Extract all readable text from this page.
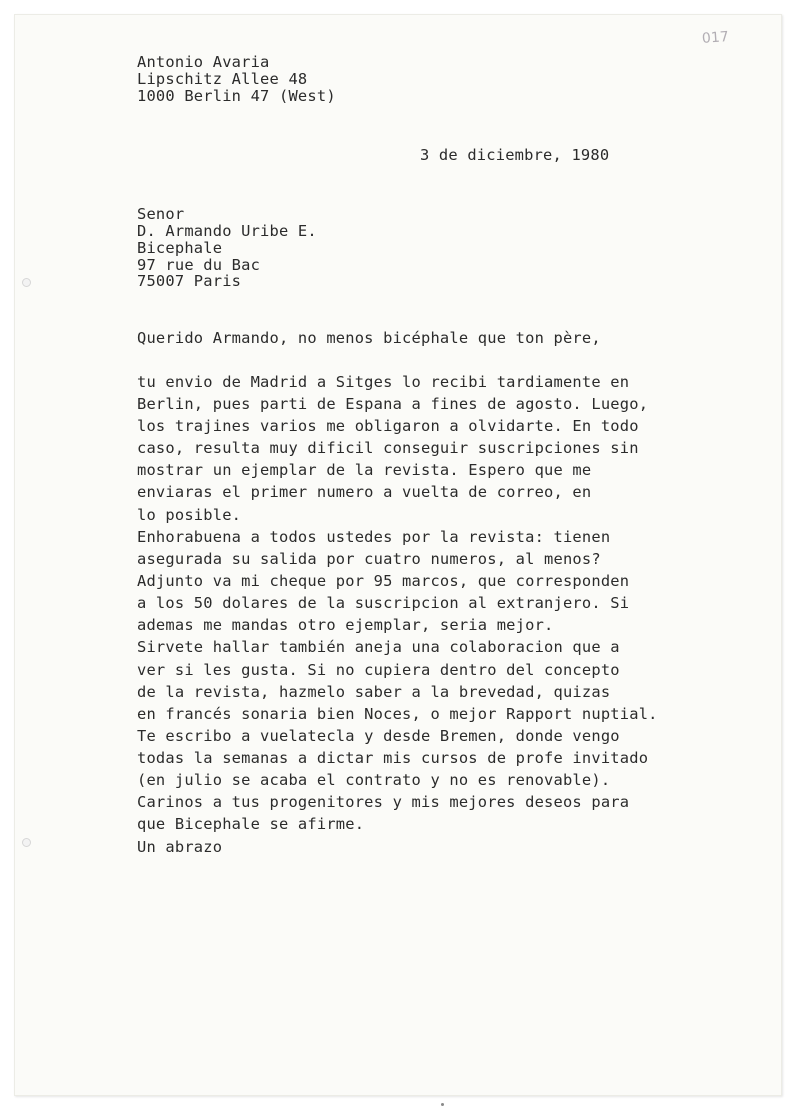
017
Antonio Avaria
Lipschitz Allee 48
1000 Berlin 47 (West)
3 de diciembre, 1980
Senor
D. Armando Uribe E.
Bicephale
97 rue du Bac
75007 Paris
Querido Armando, no menos bicéphale que ton père,
tu envio de Madrid a Sitges lo recibi tardiamente en
Berlin, pues parti de Espana a fines de agosto. Luego,
los trajines varios me obligaron a olvidarte. En todo
caso, resulta muy dificil conseguir suscripciones sin
mostrar un ejemplar de la revista. Espero que me
enviaras el primer numero a vuelta de correo, en
lo posible.
Enhorabuena a todos ustedes por la revista: tienen
asegurada su salida por cuatro numeros, al menos?
Adjunto va mi cheque por 95 marcos, que corresponden
a los 50 dolares de la suscripcion al extranjero. Si
ademas me mandas otro ejemplar, seria mejor.
Sirvete hallar también aneja una colaboracion que a
ver si les gusta. Si no cupiera dentro del concepto
de la revista, hazmelo saber a la brevedad, quizas
en francés sonaria bien Noces, o mejor Rapport nuptial.
Te escribo a vuelatecla y desde Bremen, donde vengo
todas la semanas a dictar mis cursos de profe invitado
(en julio se acaba el contrato y no es renovable).
Carinos a tus progenitores y mis mejores deseos para
que Bicephale se afirme.
Un abrazo
